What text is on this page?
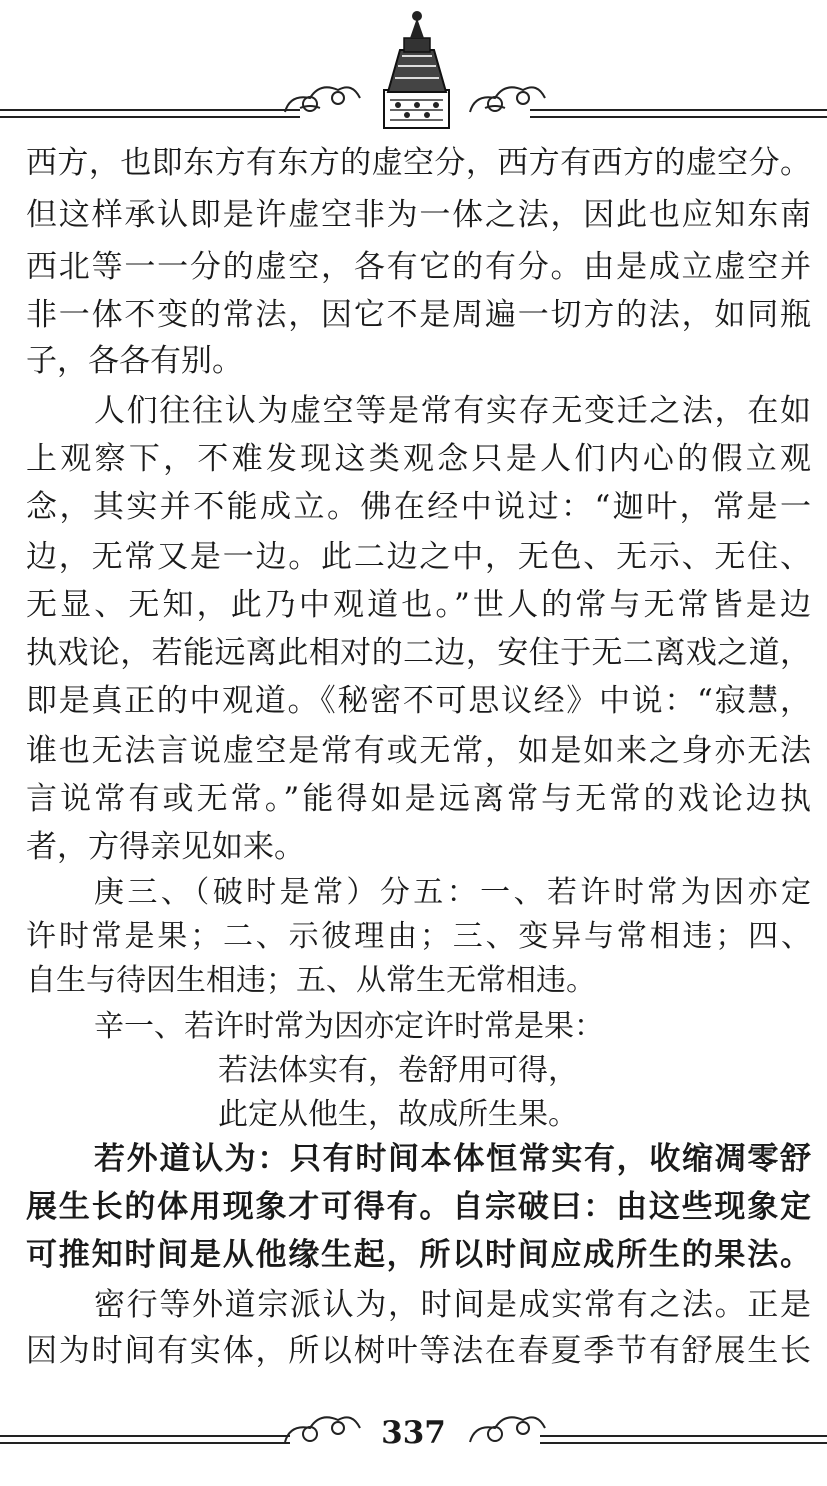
西方，也即东方有东方的虚空分，西方有西方的虚空分。
但这样承认即是许虚空非为一体之法，因此也应知东南
西北等一一分的虚空，各有它的有分。由是成立虚空并
非一体不变的常法，因它不是周遍一切方的法，如同瓶
子，各各有别。
人们往往认为虚空等是常有实存无变迁之法，在如
上观察下，不难发现这类观念只是人们内心的假立观
念，其实并不能成立。佛在经中说过：“迦叶，常是一
边，无常又是一边。此二边之中，无色、无示、无住、
无显、无知，此乃中观道也。”世人的常与无常皆是边
执戏论，若能远离此相对的二边，安住于无二离戏之道，
即是真正的中观道。《秘密不可思议经》中说：“寂慧，
谁也无法言说虚空是常有或无常，如是如来之身亦无法
言说常有或无常。”能得如是远离常与无常的戏论边执
者，方得亲见如来。
庚三、（破时是常）分五：一、若许时常为因亦定
许时常是果；二、示彼理由；三、变异与常相违；四、
自生与待因生相违；五、从常生无常相违。
辛一、若许时常为因亦定许时常是果：
若法体实有，卷舒用可得，
此定从他生，故成所生果。
若外道认为：只有时间本体恒常实有，收缩凋零舒
展生长的体用现象才可得有。自宗破曰：由这些现象定
可推知时间是从他缘生起，所以时间应成所生的果法。
密行等外道宗派认为，时间是成实常有之法。正是
因为时间有实体，所以树叶等法在春夏季节有舒展生长
337
